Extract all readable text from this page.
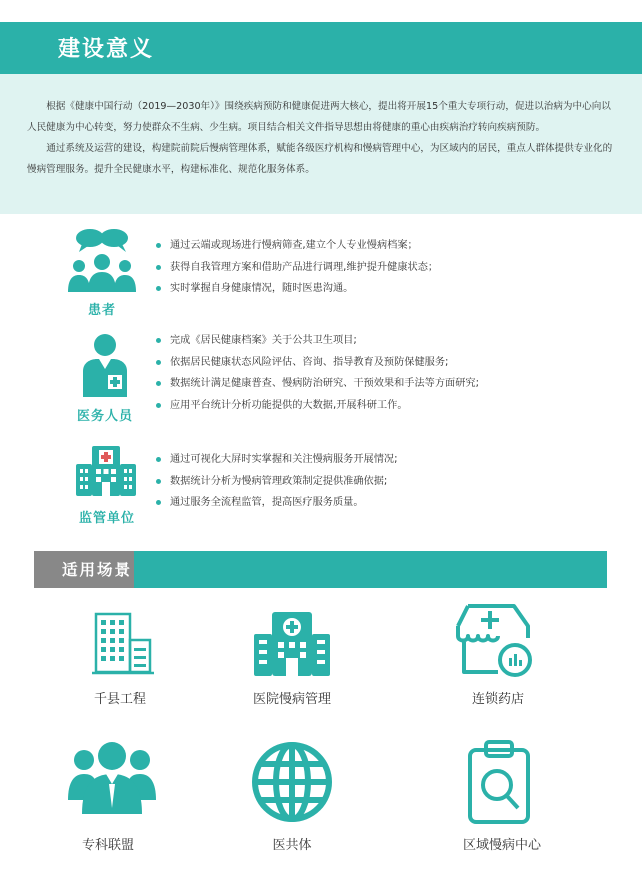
建设意义

根据《健康中国行动（2019—2030年）》围绕疾病预防和健康促进两大核心，提出将开展15个重大专项行动，促进以治病为中心向以人民健康为中心转变，努力使群众不生病、少生病。项目结合相关文件指导思想由将健康的重心由疾病治疗转向疾病预防。

通过系统及运营的建设，构建院前院后慢病管理体系，赋能各级医疗机构和慢病管理中心，为区域内的居民，重点人群体提供专业化的慢病管理服务。提升全民健康水平，构建标准化、规范化服务体系。

患者
通过云端或现场进行慢病筛查,建立个人专业慢病档案；
获得自我管理方案和借助产品进行调理,维护提升健康状态；
实时掌握自身健康情况，随时医患沟通。
医务人员
完成《居民健康档案》关于公共卫生项目;
依据居民健康状态风险评估、咨询、指导教育及预防保健服务;
数据统计满足健康普查、慢病防治研究、干预效果和手法等方面研究;
应用平台统计分析功能提供的大数据,开展科研工作。
监管单位
通过可视化大屏时实掌握和关注慢病服务开展情况;
数据统计分析为慢病管理政策制定提供准确依据;
通过服务全流程监管，提高医疗服务质量。
适用场景
千县工程	医院慢病管理	连锁药店
专科联盟	医共体	区域慢病中心
